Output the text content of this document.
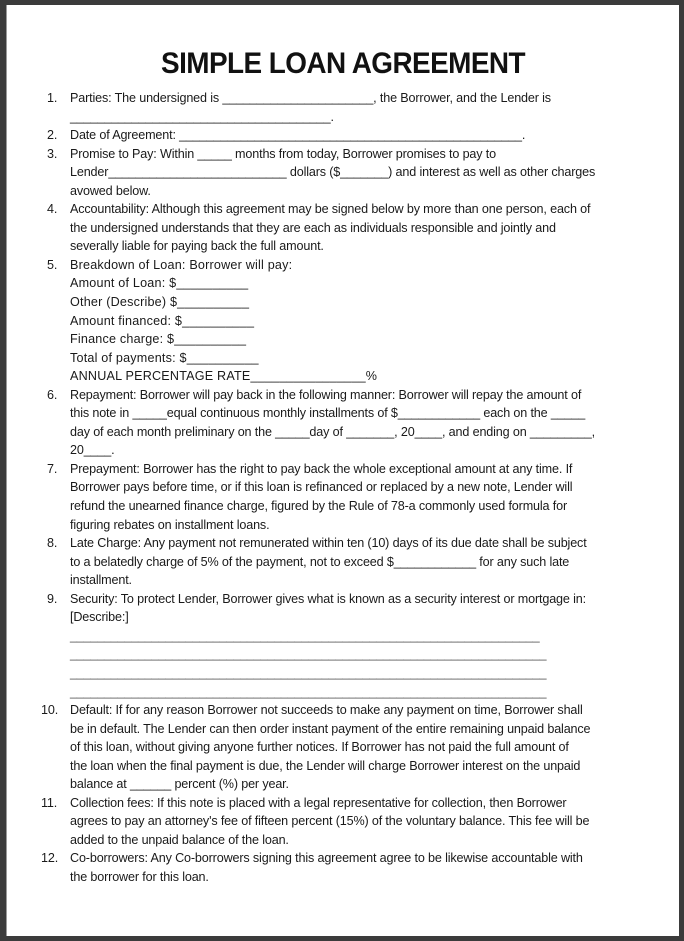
SIMPLE LOAN AGREEMENT
1.	Parties: The undersigned is ______________________, the Borrower, and the Lender is
______________________________________.
2.	Date of Agreement: __________________________________________________.
3.	Promise to Pay: Within _____ months from today, Borrower promises to pay to
Lender__________________________ dollars ($_______) and interest as well as other charges
avowed below.
4.	Accountability: Although this agreement may be signed below by more than one person, each of
the undersigned understands that they are each as individuals responsible and jointly and
severally liable for paying back the full amount.
5.	Breakdown of Loan: Borrower will pay:
Amount of Loan: $__________
Other (Describe) $__________
Amount financed: $__________
Finance charge: $__________
Total of payments: $__________
ANNUAL PERCENTAGE RATE________________%
6.	Repayment: Borrower will pay back in the following manner: Borrower will repay the amount of
this note in _____equal continuous monthly installments of $____________ each on the _____
day of each month preliminary on the _____day of _______, 20____, and ending on _________,
20____.
7.	Prepayment: Borrower has the right to pay back the whole exceptional amount at any time. If
Borrower pays before time, or if this loan is refinanced or replaced by a new note, Lender will
refund the unearned finance charge, figured by the Rule of 78-a commonly used formula for
figuring rebates on installment loans.
8.	Late Charge: Any payment not remunerated within ten (10) days of its due date shall be subject
to a belatedly charge of 5% of the payment, not to exceed $____________ for any such late
installment.
9.	Security: To protect Lender, Borrower gives what is known as a security interest or mortgage in:
[Describe:]
_____________________________________________________________________
______________________________________________________________________
______________________________________________________________________
______________________________________________________________________
10. Default: If for any reason Borrower not succeeds to make any payment on time, Borrower shall
be in default. The Lender can then order instant payment of the entire remaining unpaid balance
of this loan, without giving anyone further notices. If Borrower has not paid the full amount of
the loan when the final payment is due, the Lender will charge Borrower interest on the unpaid
balance at ______ percent (%) per year.
11.	Collection fees: If this note is placed with a legal representative for collection, then Borrower
agrees to pay an attorney's fee of fifteen percent (15%) of the voluntary balance. This fee will be
added to the unpaid balance of the loan.
12. Co-borrowers: Any Co-borrowers signing this agreement agree to be likewise accountable with
the borrower for this loan.
